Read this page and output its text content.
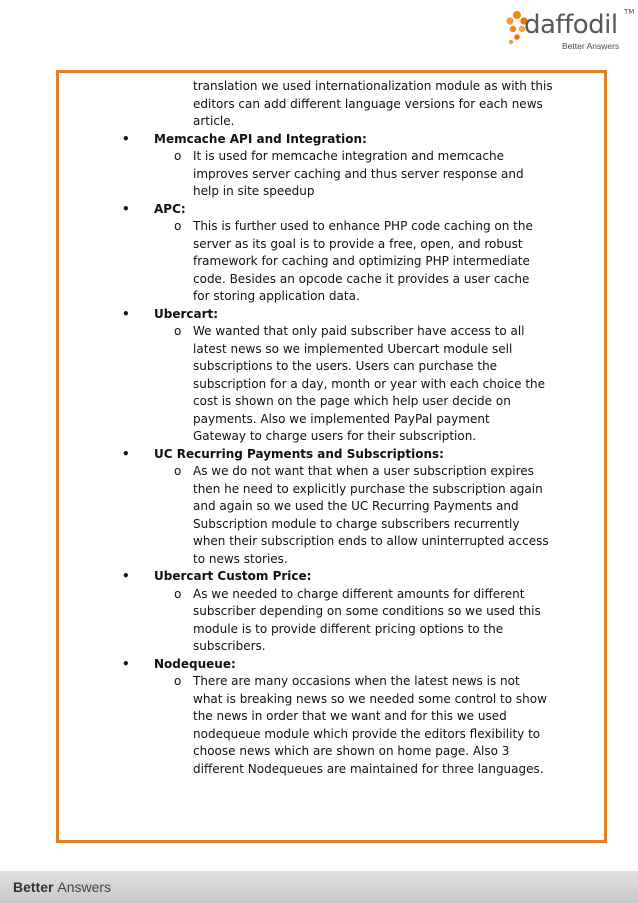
daffodil TM
Better Answers

translation we used internationalization module as with this

editors can add different language versions for each news

article.

•	Memcache API and Integration:
o It is used for memcache integration and memcache

improves server caching and thus server response and

help in site speedup

•	APC:
o This is further used to enhance PHP code caching on the

server as its goal is to provide a free, open, and robust

framework for caching and optimizing PHP intermediate

code. Besides an opcode cache it provides a user cache

for storing application data.

•	Ubercart:
o We wanted that only paid subscriber have access to all

latest news so we implemented Ubercart module sell

subscriptions to the users. Users can purchase the

subscription for a day, month or year with each choice the

cost is shown on the page which help user decide on

payments. Also we implemented PayPal payment

Gateway to charge users for their subscription.

•	UC Recurring Payments and Subscriptions:
o As we do not want that when a user subscription expires

then he need to explicitly purchase the subscription again

and again so we used the UC Recurring Payments and

Subscription module to charge subscribers recurrently

when their subscription ends to allow uninterrupted access

to news stories.

•	Ubercart Custom Price:
o As we needed to charge different amounts for different

subscriber depending on some conditions so we used this

module is to provide different pricing options to the

subscribers.

•	Nodequeue:
o There are many occasions when the latest news is not

what is breaking news so we needed some control to show

the news in order that we want and for this we used

nodequeue module which provide the editors flexibility to

choose news which are shown on home page. Also 3

different Nodequeues are maintained for three languages.

Better Answers
